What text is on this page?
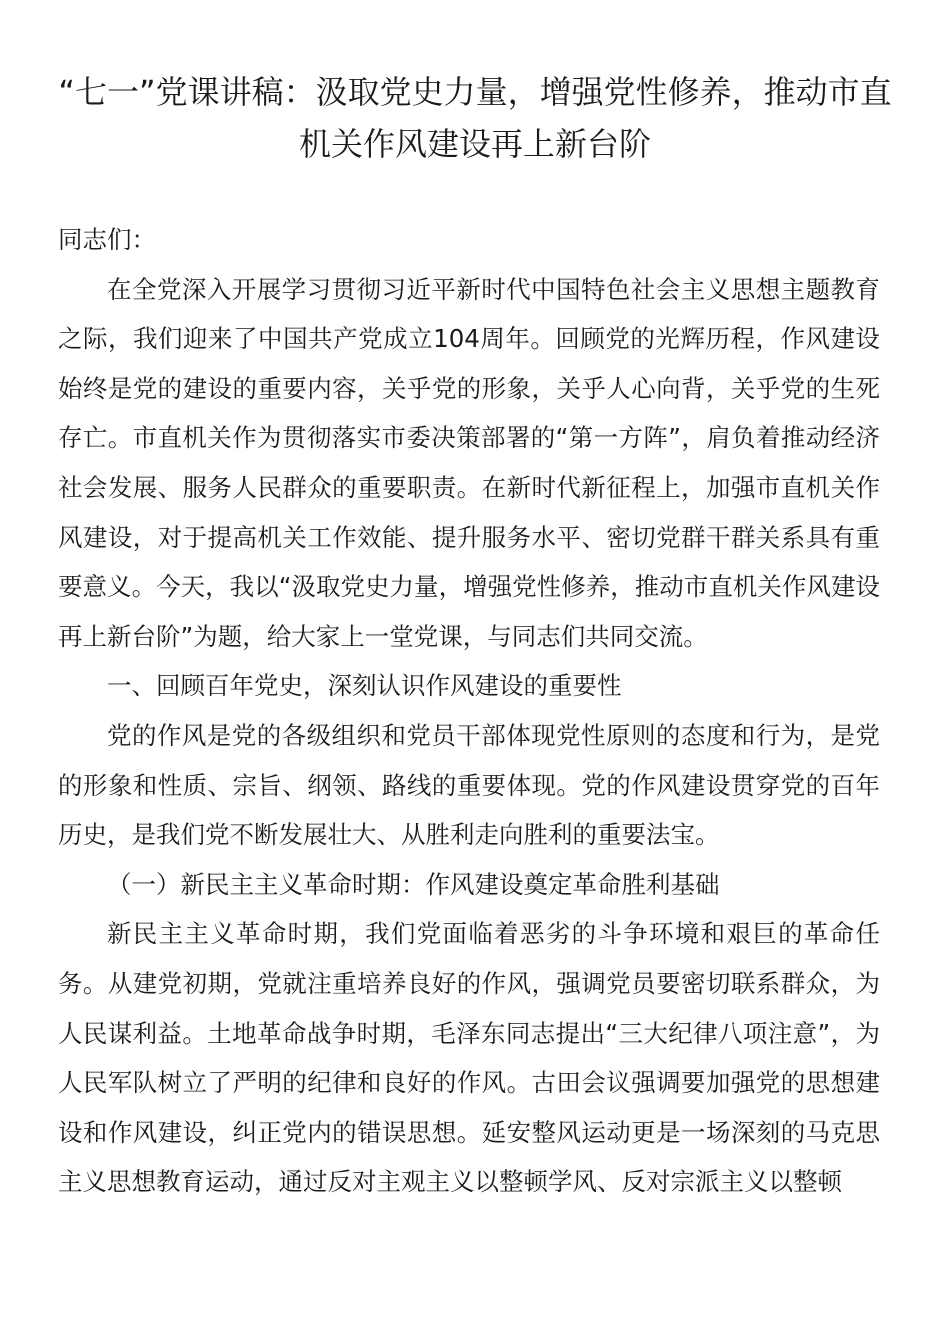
“七一”党课讲稿：汲取党史力量，增强党性修养，推动市直机关作风建设再上新台阶

同志们：

在全党深入开展学习贯彻习近平新时代中国特色社会主义思想主题教育之际，我们迎来了中国共产党成立104周年。回顾党的光辉历程，作风建设始终是党的建设的重要内容，关乎党的形象，关乎人心向背，关乎党的生死存亡。市直机关作为贯彻落实市委决策部署的“第一方阵”，肩负着推动经济社会发展、服务人民群众的重要职责。在新时代新征程上，加强市直机关作风建设，对于提高机关工作效能、提升服务水平、密切党群干群关系具有重要意义。今天，我以“汲取党史力量，增强党性修养，推动市直机关作风建设再上新台阶”为题，给大家上一堂党课，与同志们共同交流。

一、回顾百年党史，深刻认识作风建设的重要性

党的作风是党的各级组织和党员干部体现党性原则的态度和行为，是党的形象和性质、宗旨、纲领、路线的重要体现。党的作风建设贯穿党的百年历史，是我们党不断发展壮大、从胜利走向胜利的重要法宝。

（一）新民主主义革命时期：作风建设奠定革命胜利基础

新民主主义革命时期，我们党面临着恶劣的斗争环境和艰巨的革命任务。从建党初期，党就注重培养良好的作风，强调党员要密切联系群众，为人民谋利益。土地革命战争时期，毛泽东同志提出“三大纪律八项注意”，为人民军队树立了严明的纪律和良好的作风。古田会议强调要加强党的思想建设和作风建设，纠正党内的错误思想。延安整风运动更是一场深刻的马克思主义思想教育运动，通过反对主观主义以整顿学风、反对宗派主义以整顿
